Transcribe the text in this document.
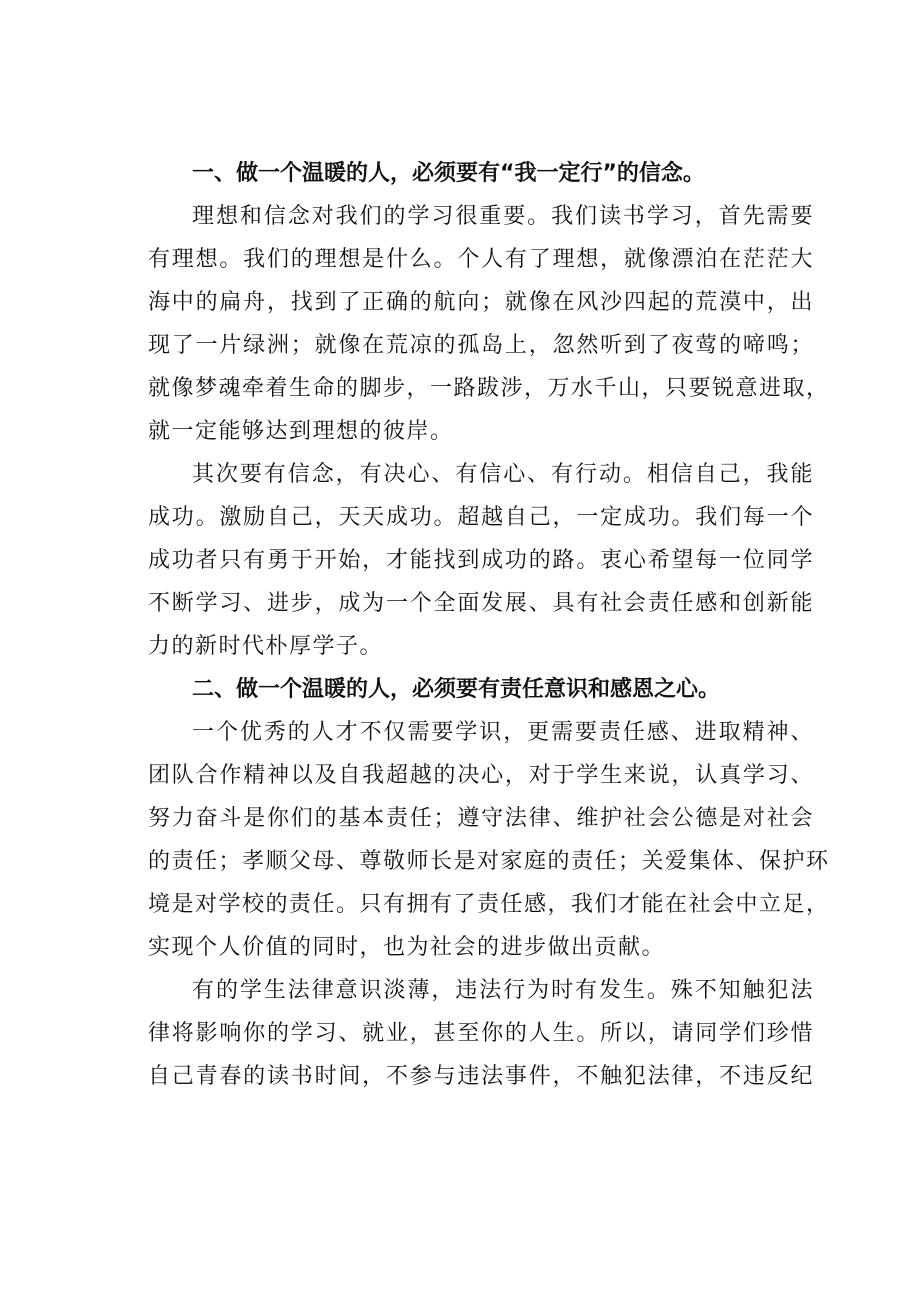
一、做一个温暖的人，必须要有“我一定行”的信念。

理想和信念对我们的学习很重要。我们读书学习，首先需要
有理想。我们的理想是什么。个人有了理想，就像漂泊在茫茫大
海中的扁舟，找到了正确的航向；就像在风沙四起的荒漠中，出
现了一片绿洲；就像在荒凉的孤岛上，忽然听到了夜莺的啼鸣；
就像梦魂牵着生命的脚步，一路跋涉，万水千山，只要锐意进取，
就一定能够达到理想的彼岸。

其次要有信念，有决心、有信心、有行动。相信自己，我能
成功。激励自己，天天成功。超越自己，一定成功。我们每一个
成功者只有勇于开始，才能找到成功的路。衷心希望每一位同学
不断学习、进步，成为一个全面发展、具有社会责任感和创新能
力的新时代朴厚学子。

二、做一个温暖的人，必须要有责任意识和感恩之心。

一个优秀的人才不仅需要学识，更需要责任感、进取精神、
团队合作精神以及自我超越的决心，对于学生来说，认真学习、
努力奋斗是你们的基本责任；遵守法律、维护社会公德是对社会
的责任；孝顺父母、尊敬师长是对家庭的责任；关爱集体、保护环
境是对学校的责任。只有拥有了责任感，我们才能在社会中立足，
实现个人价值的同时，也为社会的进步做出贡献。

有的学生法律意识淡薄，违法行为时有发生。殊不知触犯法
律将影响你的学习、就业，甚至你的人生。所以，请同学们珍惜
自己青春的读书时间，不参与违法事件，不触犯法律，不违反纪
